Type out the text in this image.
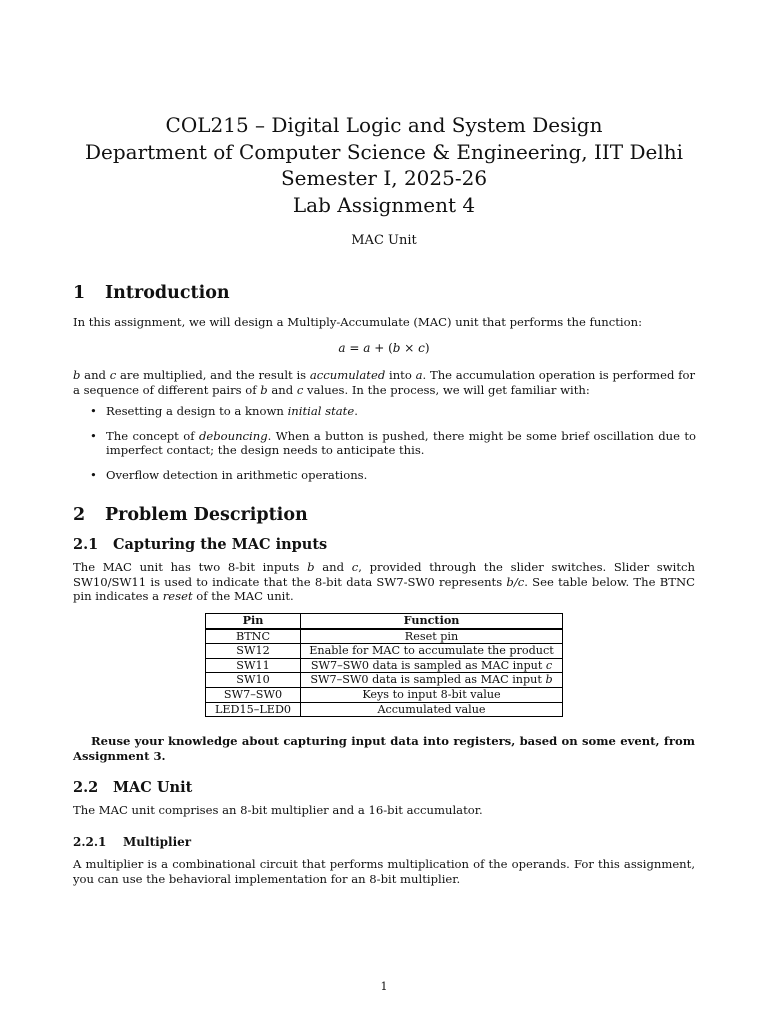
COL215 – Digital Logic and System Design
Department of Computer Science & Engineering, IIT Delhi
Semester I, 2025-26
Lab Assignment 4
MAC Unit
1 Introduction
In this assignment, we will design a Multiply-Accumulate (MAC) unit that performs the function:
a = a + (b × c)
b and c are multiplied, and the result is accumulated into a. The accumulation operation is performed for a sequence of different pairs of b and c values. In the process, we will get familiar with:
• Resetting a design to a known initial state.
• The concept of debouncing. When a button is pushed, there might be some brief oscillation due to imperfect contact; the design needs to anticipate this.
• Overflow detection in arithmetic operations.
2 Problem Description
2.1 Capturing the MAC inputs
The MAC unit has two 8-bit inputs b and c, provided through the slider switches. Slider switch SW10/SW11 is used to indicate that the 8-bit data SW7-SW0 represents b/c. See table below. The BTNC pin indicates a reset of the MAC unit.
Pin	Function
BTNC	Reset pin
SW12	Enable for MAC to accumulate the product
SW11	SW7–SW0 data is sampled as MAC input c
SW10	SW7–SW0 data is sampled as MAC input b
SW7–SW0	Keys to input 8-bit value
LED15–LED0	Accumulated value
Reuse your knowledge about capturing input data into registers, based on some event, from Assignment 3.
2.2 MAC Unit
The MAC unit comprises an 8-bit multiplier and a 16-bit accumulator.
2.2.1 Multiplier
A multiplier is a combinational circuit that performs multiplication of the operands. For this assignment, you can use the behavioral implementation for an 8-bit multiplier.
1
